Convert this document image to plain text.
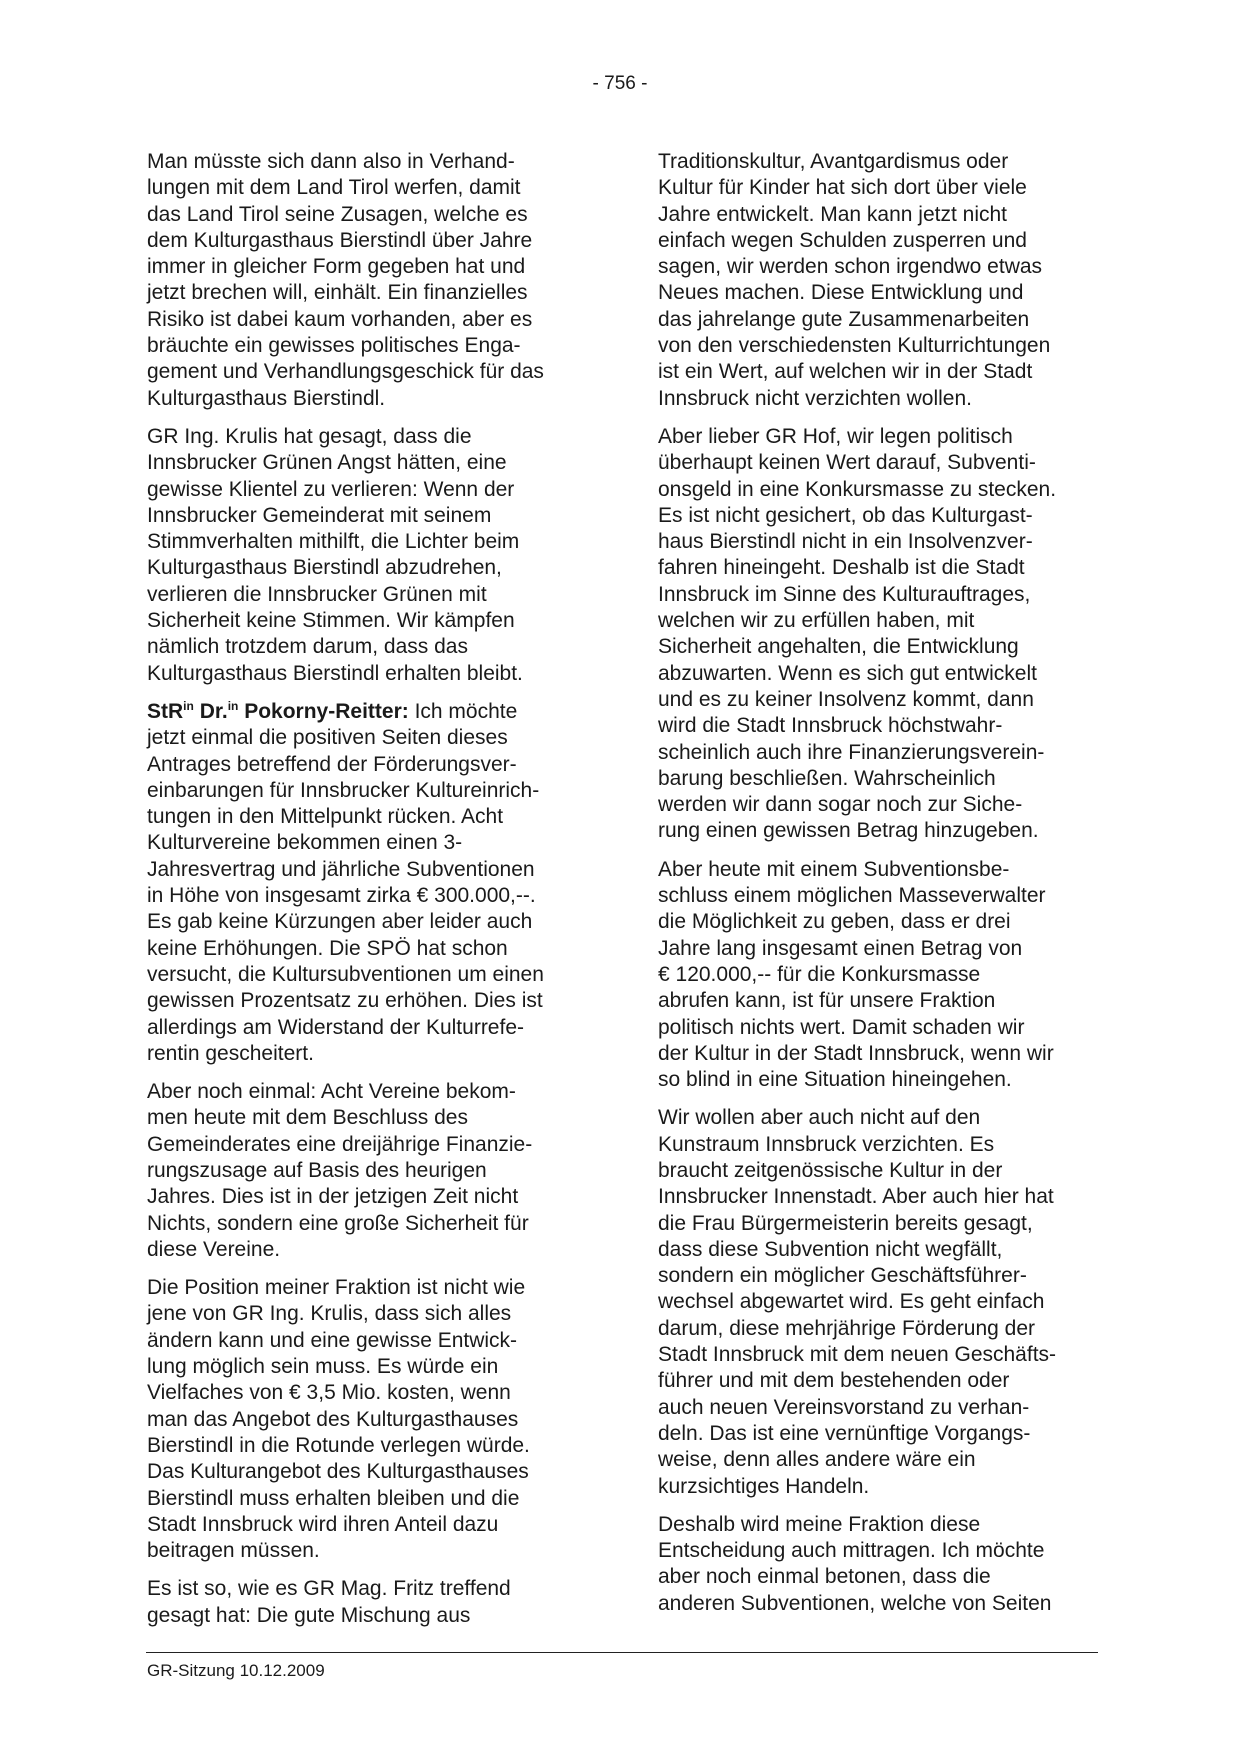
- 756 -

Man müsste sich dann also in Verhand-
lungen mit dem Land Tirol werfen, damit
das Land Tirol seine Zusagen, welche es
dem Kulturgasthaus Bierstindl über Jahre
immer in gleicher Form gegeben hat und
jetzt brechen will, einhält. Ein finanzielles
Risiko ist dabei kaum vorhanden, aber es
bräuchte ein gewisses politisches Enga-
gement und Verhandlungsgeschick für das
Kulturgasthaus Bierstindl.

GR Ing. Krulis hat gesagt, dass die
Innsbrucker Grünen Angst hätten, eine
gewisse Klientel zu verlieren: Wenn der
Innsbrucker Gemeinderat mit seinem
Stimmverhalten mithilft, die Lichter beim
Kulturgasthaus Bierstindl abzudrehen,
verlieren die Innsbrucker Grünen mit
Sicherheit keine Stimmen. Wir kämpfen
nämlich trotzdem darum, dass das
Kulturgasthaus Bierstindl erhalten bleibt.

StR$^{in}$ Dr.$^{in}$ Pokorny-Reitter: Ich möchte
jetzt einmal die positiven Seiten dieses
Antrages betreffend der Förderungsver-
einbarungen für Innsbrucker Kultureinrich-
tungen in den Mittelpunkt rücken. Acht
Kulturvereine bekommen einen 3-
Jahresvertrag und jährliche Subventionen
in Höhe von insgesamt zirka € 300.000,--.
Es gab keine Kürzungen aber leider auch
keine Erhöhungen. Die SPÖ hat schon
versucht, die Kultursubventionen um einen
gewissen Prozentsatz zu erhöhen. Dies ist
allerdings am Widerstand der Kulturrefe-
rentin gescheitert.

Aber noch einmal: Acht Vereine bekom-
men heute mit dem Beschluss des
Gemeinderates eine dreijährige Finanzie-
rungszusage auf Basis des heurigen
Jahres. Dies ist in der jetzigen Zeit nicht
Nichts, sondern eine große Sicherheit für
diese Vereine.

Die Position meiner Fraktion ist nicht wie
jene von GR Ing. Krulis, dass sich alles
ändern kann und eine gewisse Entwick-
lung möglich sein muss. Es würde ein
Vielfaches von € 3,5 Mio. kosten, wenn
man das Angebot des Kulturgasthauses
Bierstindl in die Rotunde verlegen würde.
Das Kulturangebot des Kulturgasthauses
Bierstindl muss erhalten bleiben und die
Stadt Innsbruck wird ihren Anteil dazu
beitragen müssen.

Es ist so, wie es GR Mag. Fritz treffend
gesagt hat: Die gute Mischung aus

Traditionskultur, Avantgardismus oder
Kultur für Kinder hat sich dort über viele
Jahre entwickelt. Man kann jetzt nicht
einfach wegen Schulden zusperren und
sagen, wir werden schon irgendwo etwas
Neues machen. Diese Entwicklung und
das jahrelange gute Zusammenarbeiten
von den verschiedensten Kulturrichtungen
ist ein Wert, auf welchen wir in der Stadt
Innsbruck nicht verzichten wollen.

Aber lieber GR Hof, wir legen politisch
überhaupt keinen Wert darauf, Subventi-
onsgeld in eine Konkursmasse zu stecken.
Es ist nicht gesichert, ob das Kulturgast-
haus Bierstindl nicht in ein Insolvenzver-
fahren hineingeht. Deshalb ist die Stadt
Innsbruck im Sinne des Kulturauftrages,
welchen wir zu erfüllen haben, mit
Sicherheit angehalten, die Entwicklung
abzuwarten. Wenn es sich gut entwickelt
und es zu keiner Insolvenz kommt, dann
wird die Stadt Innsbruck höchstwahr-
scheinlich auch ihre Finanzierungsverein-
barung beschließen. Wahrscheinlich
werden wir dann sogar noch zur Siche-
rung einen gewissen Betrag hinzugeben.

Aber heute mit einem Subventionsbe-
schluss einem möglichen Masseverwalter
die Möglichkeit zu geben, dass er drei
Jahre lang insgesamt einen Betrag von
€ 120.000,-- für die Konkursmasse
abrufen kann, ist für unsere Fraktion
politisch nichts wert. Damit schaden wir
der Kultur in der Stadt Innsbruck, wenn wir
so blind in eine Situation hineingehen.

Wir wollen aber auch nicht auf den
Kunstraum Innsbruck verzichten. Es
braucht zeitgenössische Kultur in der
Innsbrucker Innenstadt. Aber auch hier hat
die Frau Bürgermeisterin bereits gesagt,
dass diese Subvention nicht wegfällt,
sondern ein möglicher Geschäftsführer-
wechsel abgewartet wird. Es geht einfach
darum, diese mehrjährige Förderung der
Stadt Innsbruck mit dem neuen Geschäfts-
führer und mit dem bestehenden oder
auch neuen Vereinsvorstand zu verhan-
deln. Das ist eine vernünftige Vorgangs-
weise, denn alles andere wäre ein
kurzsichtiges Handeln.

Deshalb wird meine Fraktion diese
Entscheidung auch mittragen. Ich möchte
aber noch einmal betonen, dass die
anderen Subventionen, welche von Seiten

GR-Sitzung 10.12.2009
